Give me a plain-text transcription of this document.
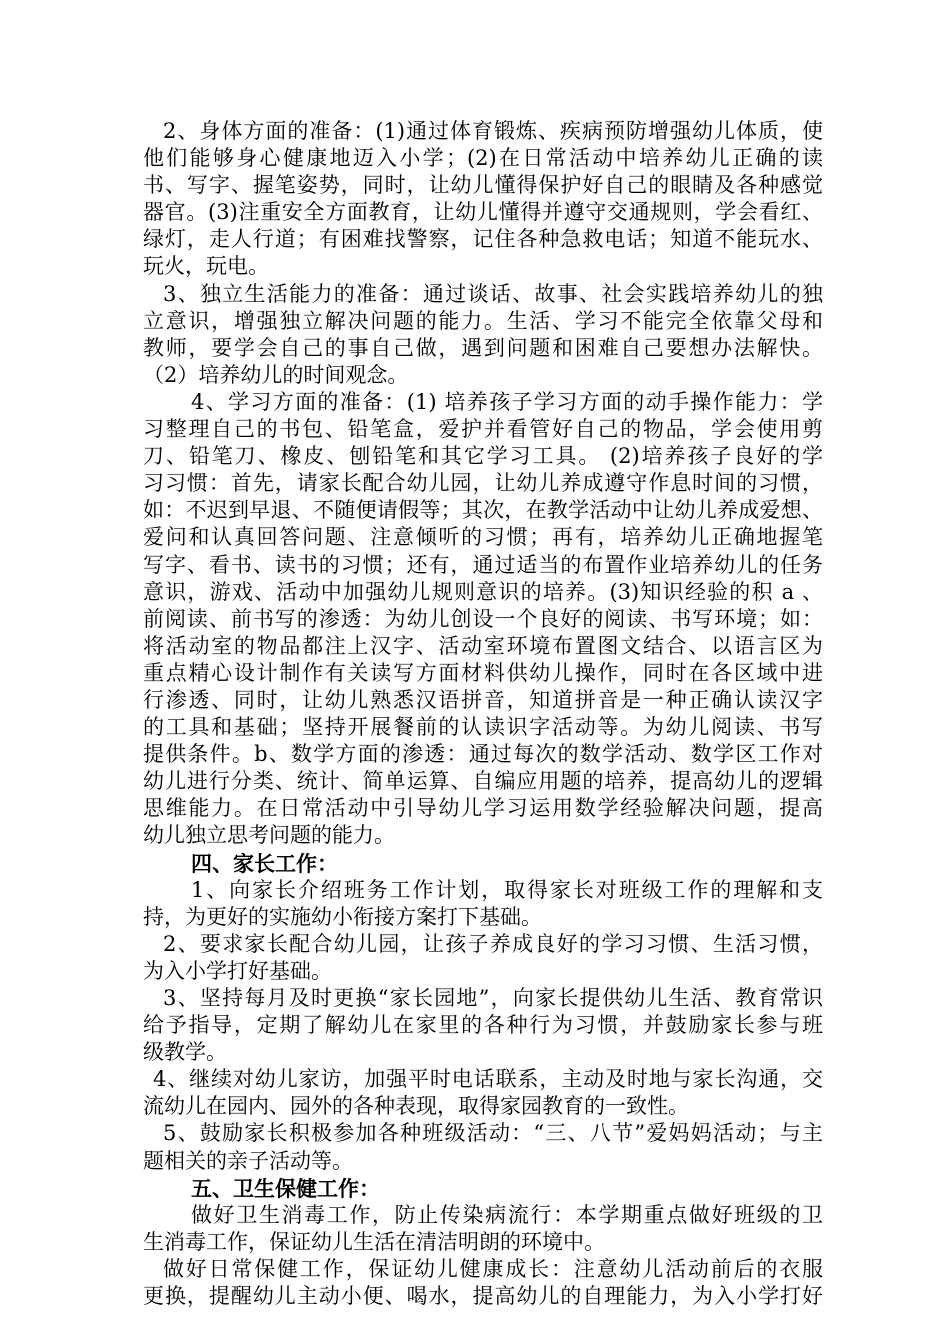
2、身体方面的准备：(1)通过体育锻炼、疾病预防增强幼儿体质，使
他们能够身心健康地迈入小学；(2)在日常活动中培养幼儿正确的读
书、写字、握笔姿势，同时，让幼儿懂得保护好自己的眼睛及各种感觉
器官。(3)注重安全方面教育，让幼儿懂得并遵守交通规则，学会看红、
绿灯，走人行道；有困难找警察，记住各种急救电话；知道不能玩水、
玩火，玩电。
3、独立生活能力的准备：通过谈话、故事、社会实践培养幼儿的独
立意识，增强独立解决问题的能力。生活、学习不能完全依靠父母和
教师，要学会自己的事自己做，遇到问题和困难自己要想办法解快。
（2）培养幼儿的时间观念。
4、学习方面的准备：(1) 培养孩子学习方面的动手操作能力：学
习整理自己的书包、铅笔盒，爱护并看管好自己的物品，学会使用剪
刀、铅笔刀、橡皮、刨铅笔和其它学习工具。 (2)培养孩子良好的学
习习惯：首先，请家长配合幼儿园，让幼儿养成遵守作息时间的习惯，
如：不迟到早退、不随便请假等；其次，在教学活动中让幼儿养成爱想、
爱问和认真回答问题、注意倾听的习惯；再有，培养幼儿正确地握笔
写字、看书、读书的习惯；还有，通过适当的布置作业培养幼儿的任务
意识，游戏、活动中加强幼儿规则意识的培养。(3)知识经验的积 a 、
前阅读、前书写的渗透：为幼儿创设一个良好的阅读、书写环境；如：
将活动室的物品都注上汉字、活动室环境布置图文结合、以语言区为
重点精心设计制作有关读写方面材料供幼儿操作，同时在各区域中进
行渗透、同时，让幼儿熟悉汉语拼音，知道拼音是一种正确认读汉字
的工具和基础；坚持开展餐前的认读识字活动等。为幼儿阅读、书写
提供条件。b、数学方面的渗透：通过每次的数学活动、数学区工作对
幼儿进行分类、统计、简单运算、自编应用题的培养，提高幼儿的逻辑
思维能力。在日常活动中引导幼儿学习运用数学经验解决问题，提高
幼儿独立思考问题的能力。
四、家长工作：
1、向家长介绍班务工作计划，取得家长对班级工作的理解和支
持，为更好的实施幼小衔接方案打下基础。
2、要求家长配合幼儿园，让孩子养成良好的学习习惯、生活习惯，
为入小学打好基础。
3、坚持每月及时更换“家长园地”，向家长提供幼儿生活、教育常识
给予指导，定期了解幼儿在家里的各种行为习惯，并鼓励家长参与班
级教学。
4、继续对幼儿家访，加强平时电话联系，主动及时地与家长沟通，交
流幼儿在园内、园外的各种表现，取得家园教育的一致性。
5、鼓励家长积极参加各种班级活动：“三、八节”爱妈妈活动；与主
题相关的亲子活动等。
五、卫生保健工作：
做好卫生消毒工作，防止传染病流行：本学期重点做好班级的卫
生消毒工作，保证幼儿生活在清洁明朗的环境中。
做好日常保健工作，保证幼儿健康成长：注意幼儿活动前后的衣服
更换，提醒幼儿主动小便、喝水，提高幼儿的自理能力，为入小学打好
